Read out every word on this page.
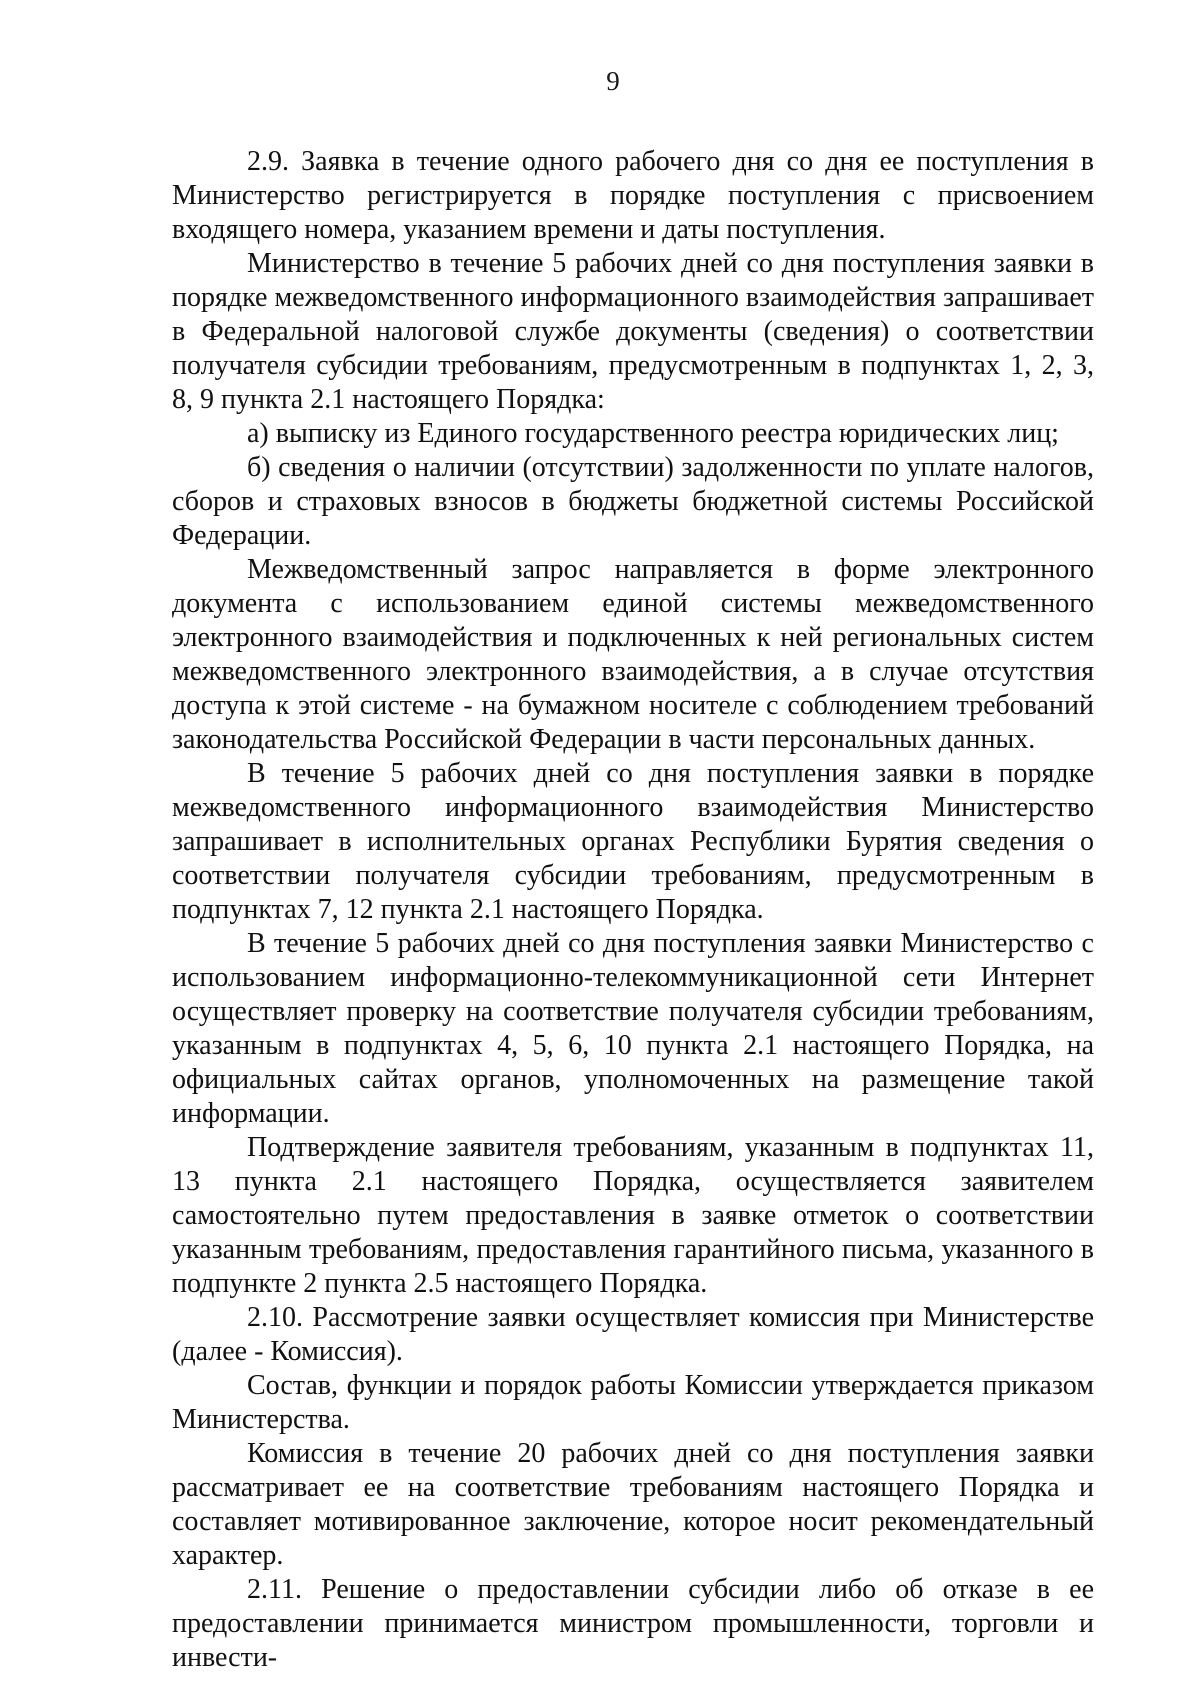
9

2.9. Заявка в течение одного рабочего дня со дня ее поступления в Министерство регистрируется в порядке поступления с присвоением входящего номера, указанием времени и даты поступления.

Министерство в течение 5 рабочих дней со дня поступления заявки в порядке межведомственного информационного взаимодействия запрашивает в Федеральной налоговой службе документы (сведения) о соответствии получателя субсидии требованиям, предусмотренным в подпунктах 1, 2, 3, 8, 9 пункта 2.1 настоящего Порядка:

а) выписку из Единого государственного реестра юридических лиц;

б) сведения о наличии (отсутствии) задолженности по уплате налогов, сборов и страховых взносов в бюджеты бюджетной системы Российской Федерации.

Межведомственный запрос направляется в форме электронного документа с использованием единой системы межведомственного электронного взаимодействия и подключенных к ней региональных систем межведомственного электронного взаимодействия, а в случае отсутствия доступа к этой системе - на бумажном носителе с соблюдением требований законодательства Российской Федерации в части персональных данных.

В течение 5 рабочих дней со дня поступления заявки в порядке межведомственного информационного взаимодействия Министерство запрашивает в исполнительных органах Республики Бурятия сведения о соответствии получателя субсидии требованиям, предусмотренным в подпунктах 7, 12 пункта 2.1 настоящего Порядка.

В течение 5 рабочих дней со дня поступления заявки Министерство с использованием информационно-телекоммуникационной сети Интернет осуществляет проверку на соответствие получателя субсидии требованиям, указанным в подпунктах 4, 5, 6, 10 пункта 2.1 настоящего Порядка, на официальных сайтах органов, уполномоченных на размещение такой информации.

Подтверждение заявителя требованиям, указанным в подпунктах 11, 13 пункта 2.1 настоящего Порядка, осуществляется заявителем самостоятельно путем предоставления в заявке отметок о соответствии указанным требованиям, предоставления гарантийного письма, указанного в подпункте 2 пункта 2.5 настоящего Порядка.

2.10. Рассмотрение заявки осуществляет комиссия при Министерстве (далее - Комиссия).

Состав, функции и порядок работы Комиссии утверждается приказом Министерства.

Комиссия в течение 20 рабочих дней со дня поступления заявки рассматривает ее на соответствие требованиям настоящего Порядка и составляет мотивированное заключение, которое носит рекомендательный характер.

2.11. Решение о предоставлении субсидии либо об отказе в ее предоставлении принимается министром промышленности, торговли и инвести-
